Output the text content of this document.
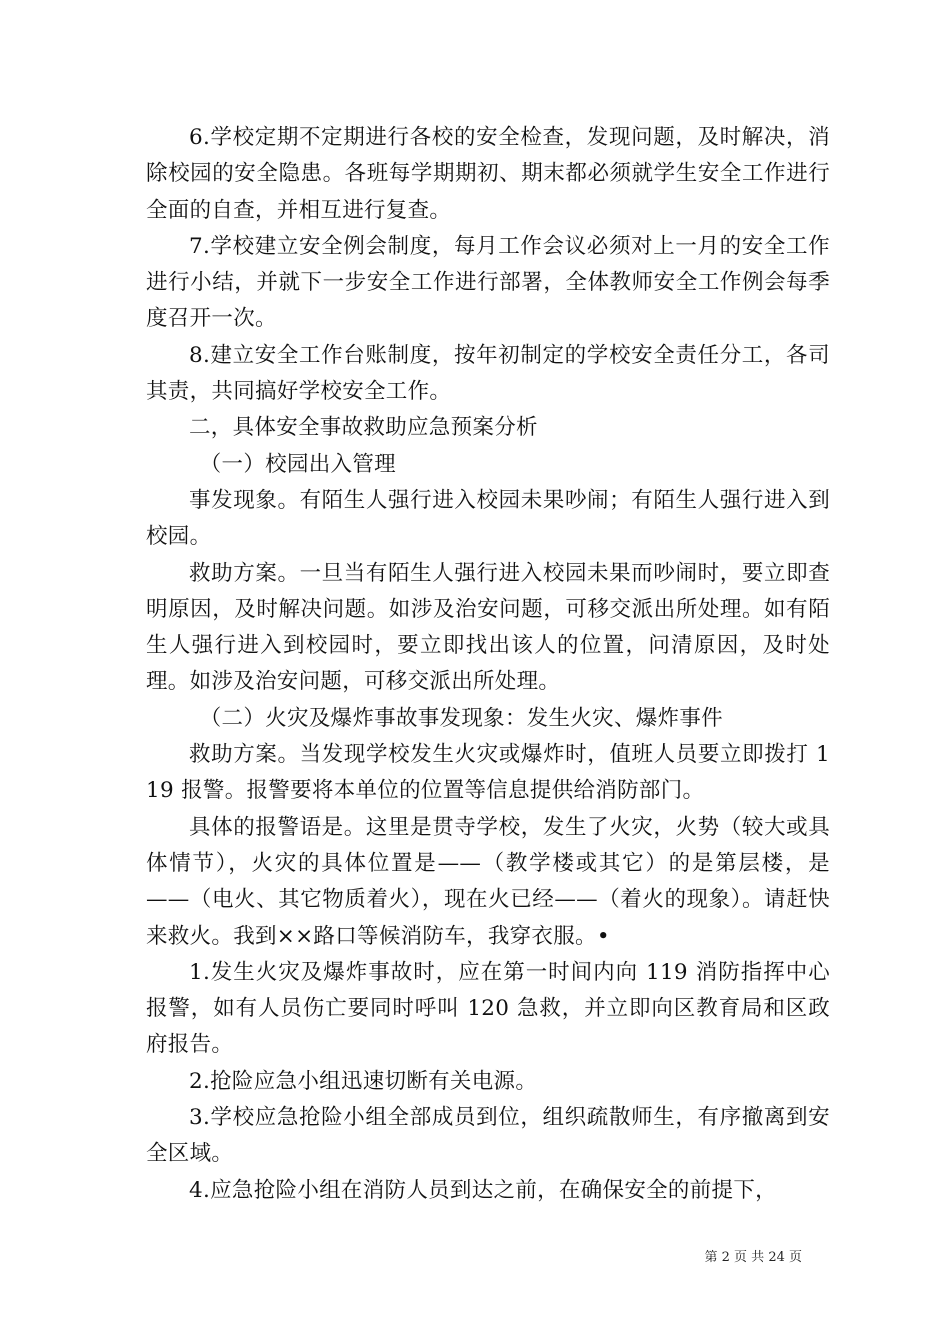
6.学校定期不定期进行各校的安全检查，发现问题，及时解决，消除校园的安全隐患。各班每学期期初、期末都必须就学生安全工作进行全面的自查，并相互进行复查。

7.学校建立安全例会制度，每月工作会议必须对上一月的安全工作进行小结，并就下一步安全工作进行部署，全体教师安全工作例会每季度召开一次。

8.建立安全工作台账制度，按年初制定的学校安全责任分工，各司其责，共同搞好学校安全工作。

二，具体安全事故救助应急预案分析

（一）校园出入管理

事发现象。有陌生人强行进入校园未果吵闹；有陌生人强行进入到校园。

救助方案。一旦当有陌生人强行进入校园未果而吵闹时，要立即查明原因，及时解决问题。如涉及治安问题，可移交派出所处理。如有陌生人强行进入到校园时，要立即找出该人的位置，问清原因，及时处理。如涉及治安问题，可移交派出所处理。

（二）火灾及爆炸事故事发现象：发生火灾、爆炸事件

救助方案。当发现学校发生火灾或爆炸时，值班人员要立即拨打 119 报警。报警要将本单位的位置等信息提供给消防部门。

具体的报警语是。这里是贯寺学校，发生了火灾，火势（较大或具体情节），火灾的具体位置是——（教学楼或其它）的是第层楼，是——（电火、其它物质着火），现在火已经——（着火的现象）。请赶快来救火。我到××路口等候消防车，我穿衣服。•

1.发生火灾及爆炸事故时，应在第一时间内向 119 消防指挥中心报警，如有人员伤亡要同时呼叫 120 急救，并立即向区教育局和区政府报告。

2.抢险应急小组迅速切断有关电源。

3.学校应急抢险小组全部成员到位，组织疏散师生，有序撤离到安全区域。

4.应急抢险小组在消防人员到达之前，在确保安全的前提下，

第 2 页 共 24 页
